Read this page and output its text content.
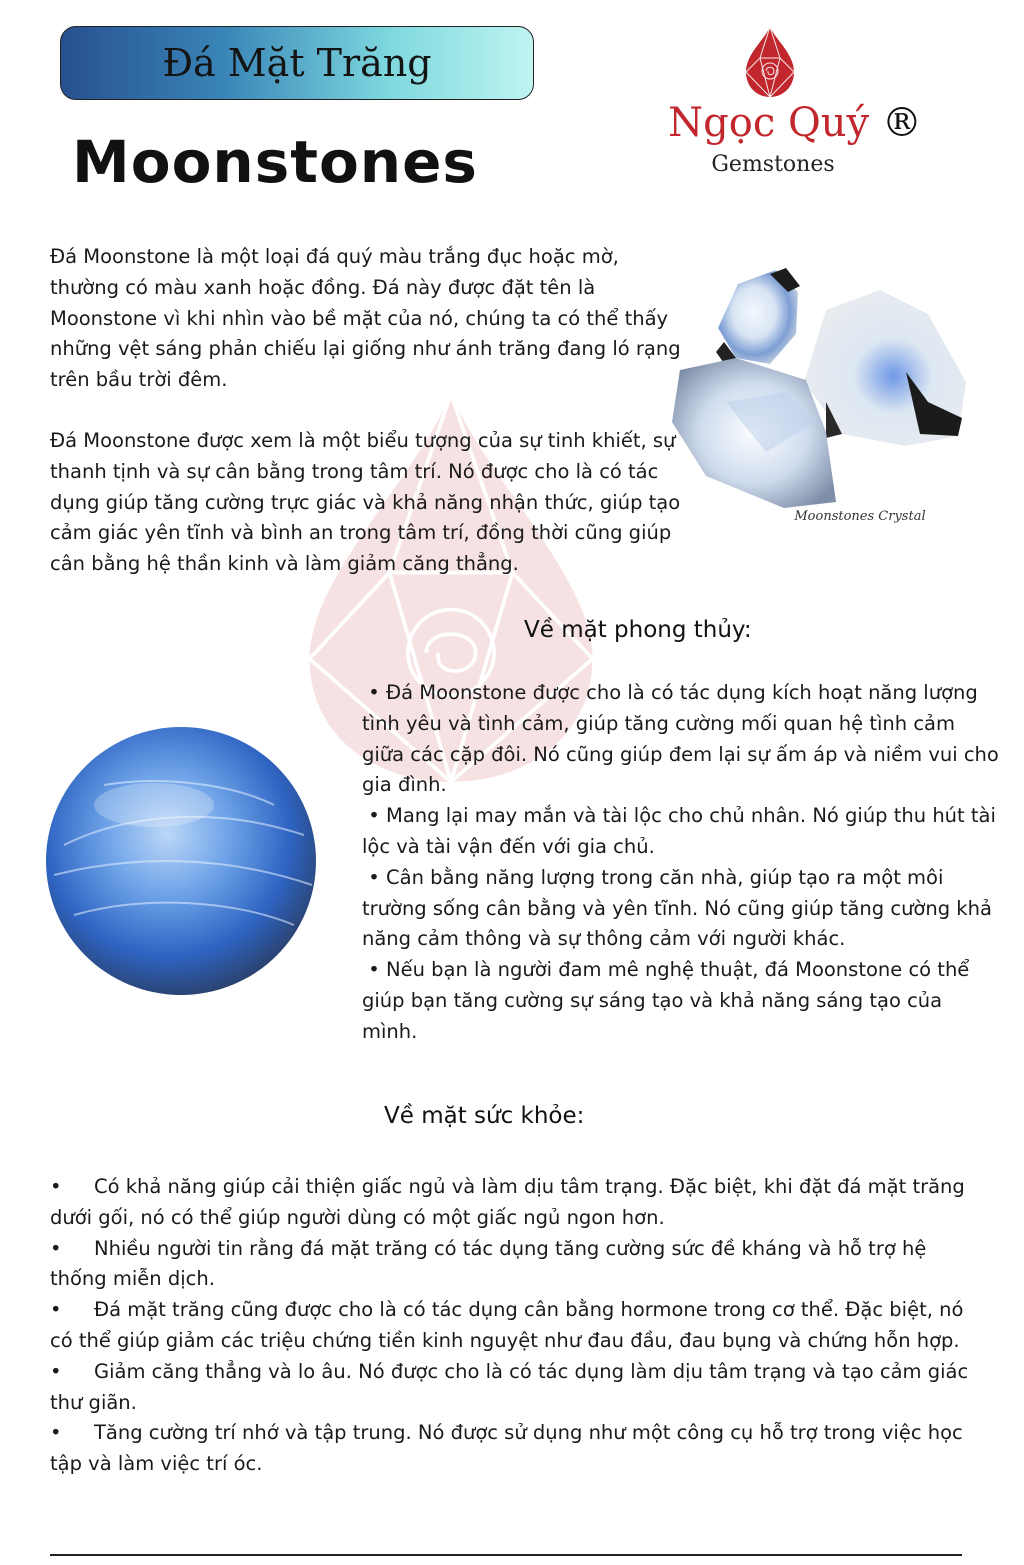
Đá Mặt Trăng
Moonstones
Ngọc Quý ®
Gemstones
Đá Moonstone là một loại đá quý màu trắng đục hoặc mờ, thường có màu xanh hoặc đồng. Đá này được đặt tên là Moonstone vì khi nhìn vào bề mặt của nó, chúng ta có thể thấy những vệt sáng phản chiếu lại giống như ánh trăng đang ló rạng trên bầu trời đêm.
Đá Moonstone được xem là một biểu tượng của sự tinh khiết, sự thanh tịnh và sự cân bằng trong tâm trí. Nó được cho là có tác dụng giúp tăng cường trực giác và khả năng nhận thức, giúp tạo cảm giác yên tĩnh và bình an trong tâm trí, đồng thời cũng giúp cân bằng hệ thần kinh và làm giảm căng thẳng.
Moonstones Crystal
Về mặt phong thủy:
• Đá Moonstone được cho là có tác dụng kích hoạt năng lượng tình yêu và tình cảm, giúp tăng cường mối quan hệ tình cảm giữa các cặp đôi. Nó cũng giúp đem lại sự ấm áp và niềm vui cho gia đình.
• Mang lại may mắn và tài lộc cho chủ nhân. Nó giúp thu hút tài lộc và tài vận đến với gia chủ.
• Cân bằng năng lượng trong căn nhà, giúp tạo ra một môi trường sống cân bằng và yên tĩnh. Nó cũng giúp tăng cường khả năng cảm thông và sự thông cảm với người khác.
• Nếu bạn là người đam mê nghệ thuật, đá Moonstone có thể giúp bạn tăng cường sự sáng tạo và khả năng sáng tạo của mình.
Về mặt sức khỏe:
• Có khả năng giúp cải thiện giấc ngủ và làm dịu tâm trạng. Đặc biệt, khi đặt đá mặt trăng dưới gối, nó có thể giúp người dùng có một giấc ngủ ngon hơn.
• Nhiều người tin rằng đá mặt trăng có tác dụng tăng cường sức đề kháng và hỗ trợ hệ thống miễn dịch.
• Đá mặt trăng cũng được cho là có tác dụng cân bằng hormone trong cơ thể. Đặc biệt, nó có thể giúp giảm các triệu chứng tiền kinh nguyệt như đau đầu, đau bụng và chứng hỗn hợp.
• Giảm căng thẳng và lo âu. Nó được cho là có tác dụng làm dịu tâm trạng và tạo cảm giác thư giãn.
• Tăng cường trí nhớ và tập trung. Nó được sử dụng như một công cụ hỗ trợ trong việc học tập và làm việc trí óc.
